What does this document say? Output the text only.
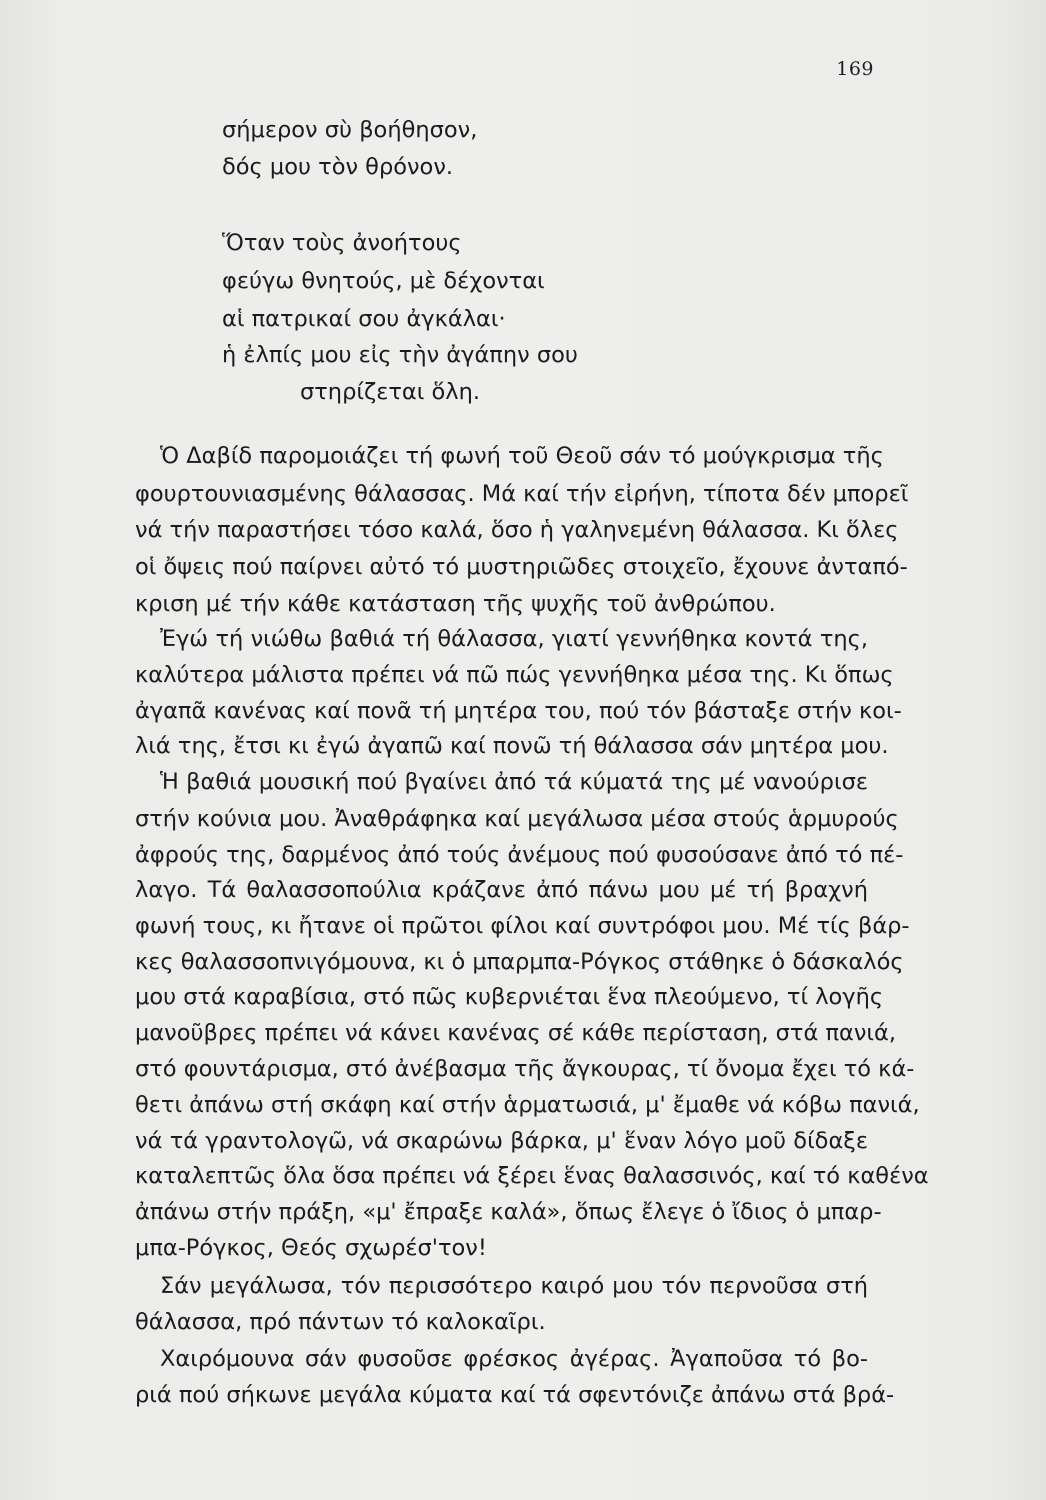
169
σήμερον σὺ βοήθησον,
δός μου τὸν θρόνον.
Ὅταν τοὺς ἀνοήτους
φεύγω θνητούς, μὲ δέχονται
αἱ πατρικαί σου ἀγκάλαι·
ἡ ἐλπίς μου εἰς τὴν ἀγάπην σου
στηρίζεται ὅλη.
Ὁ Δαβίδ παρομοιάζει τή φωνή τοῦ Θεοῦ σάν τό μούγκρισμα τῆς
φουρτουνιασμένης θάλασσας. Μά καί τήν εἰρήνη, τίποτα δέν μπορεῖ
νά τήν παραστήσει τόσο καλά, ὅσο ἡ γαληνεμένη θάλασσα. Κι ὅλες
οἱ ὄψεις πού παίρνει αὐτό τό μυστηριῶδες στοιχεῖο, ἔχουνε ἀνταπό-
κριση μέ τήν κάθε κατάσταση τῆς ψυχῆς τοῦ ἀνθρώπου.
Ἐγώ τή νιώθω βαθιά τή θάλασσα, γιατί γεννήθηκα κοντά της,
καλύτερα μάλιστα πρέπει νά πῶ πώς γεννήθηκα μέσα της. Κι ὅπως
ἀγαπᾶ κανένας καί πονᾶ τή μητέρα του, πού τόν βάσταξε στήν κοι-
λιά της, ἔτσι κι ἐγώ ἀγαπῶ καί πονῶ τή θάλασσα σάν μητέρα μου.
Ἡ βαθιά μουσική πού βγαίνει ἀπό τά κύματά της μέ νανούρισε
στήν κούνια μου. Ἀναθράφηκα καί μεγάλωσα μέσα στούς ἁρμυρούς
ἀφρούς της, δαρμένος ἀπό τούς ἀνέμους πού φυσούσανε ἀπό τό πέ-
λαγο. Τά θαλασσοπούλια κράζανε ἀπό πάνω μου μέ τή βραχνή
φωνή τους, κι ἤτανε οἱ πρῶτοι φίλοι καί συντρόφοι μου. Μέ τίς βάρ-
κες θαλασσοπνιγόμουνα, κι ὁ μπαρμπα-Ρόγκος στάθηκε ὁ δάσκαλός
μου στά καραβίσια, στό πῶς κυβερνιέται ἕνα πλεούμενο, τί λογῆς
μανοῦβρες πρέπει νά κάνει κανένας σέ κάθε περίσταση, στά πανιά,
στό φουντάρισμα, στό ἀνέβασμα τῆς ἄγκουρας, τί ὄνομα ἔχει τό κά-
θετι ἀπάνω στή σκάφη καί στήν ἁρματωσιά, μ' ἔμαθε νά κόβω πανιά,
νά τά γραντολογῶ, νά σκαρώνω βάρκα, μ' ἕναν λόγο μοῦ δίδαξε
καταλεπτῶς ὅλα ὅσα πρέπει νά ξέρει ἕνας θαλασσινός, καί τό καθένα
ἀπάνω στήν πράξη, «μ' ἔπραξε καλά», ὅπως ἔλεγε ὁ ἴδιος ὁ μπαρ-
μπα-Ρόγκος, Θεός σχωρέσ'τον!
Σάν μεγάλωσα, τόν περισσότερο καιρό μου τόν περνοῦσα στή
θάλασσα, πρό πάντων τό καλοκαῖρι.
Χαιρόμουνα σάν φυσοῦσε φρέσκος ἀγέρας. Ἀγαποῦσα τό βο-
ριά πού σήκωνε μεγάλα κύματα καί τά σφεντόνιζε ἀπάνω στά βρά-
